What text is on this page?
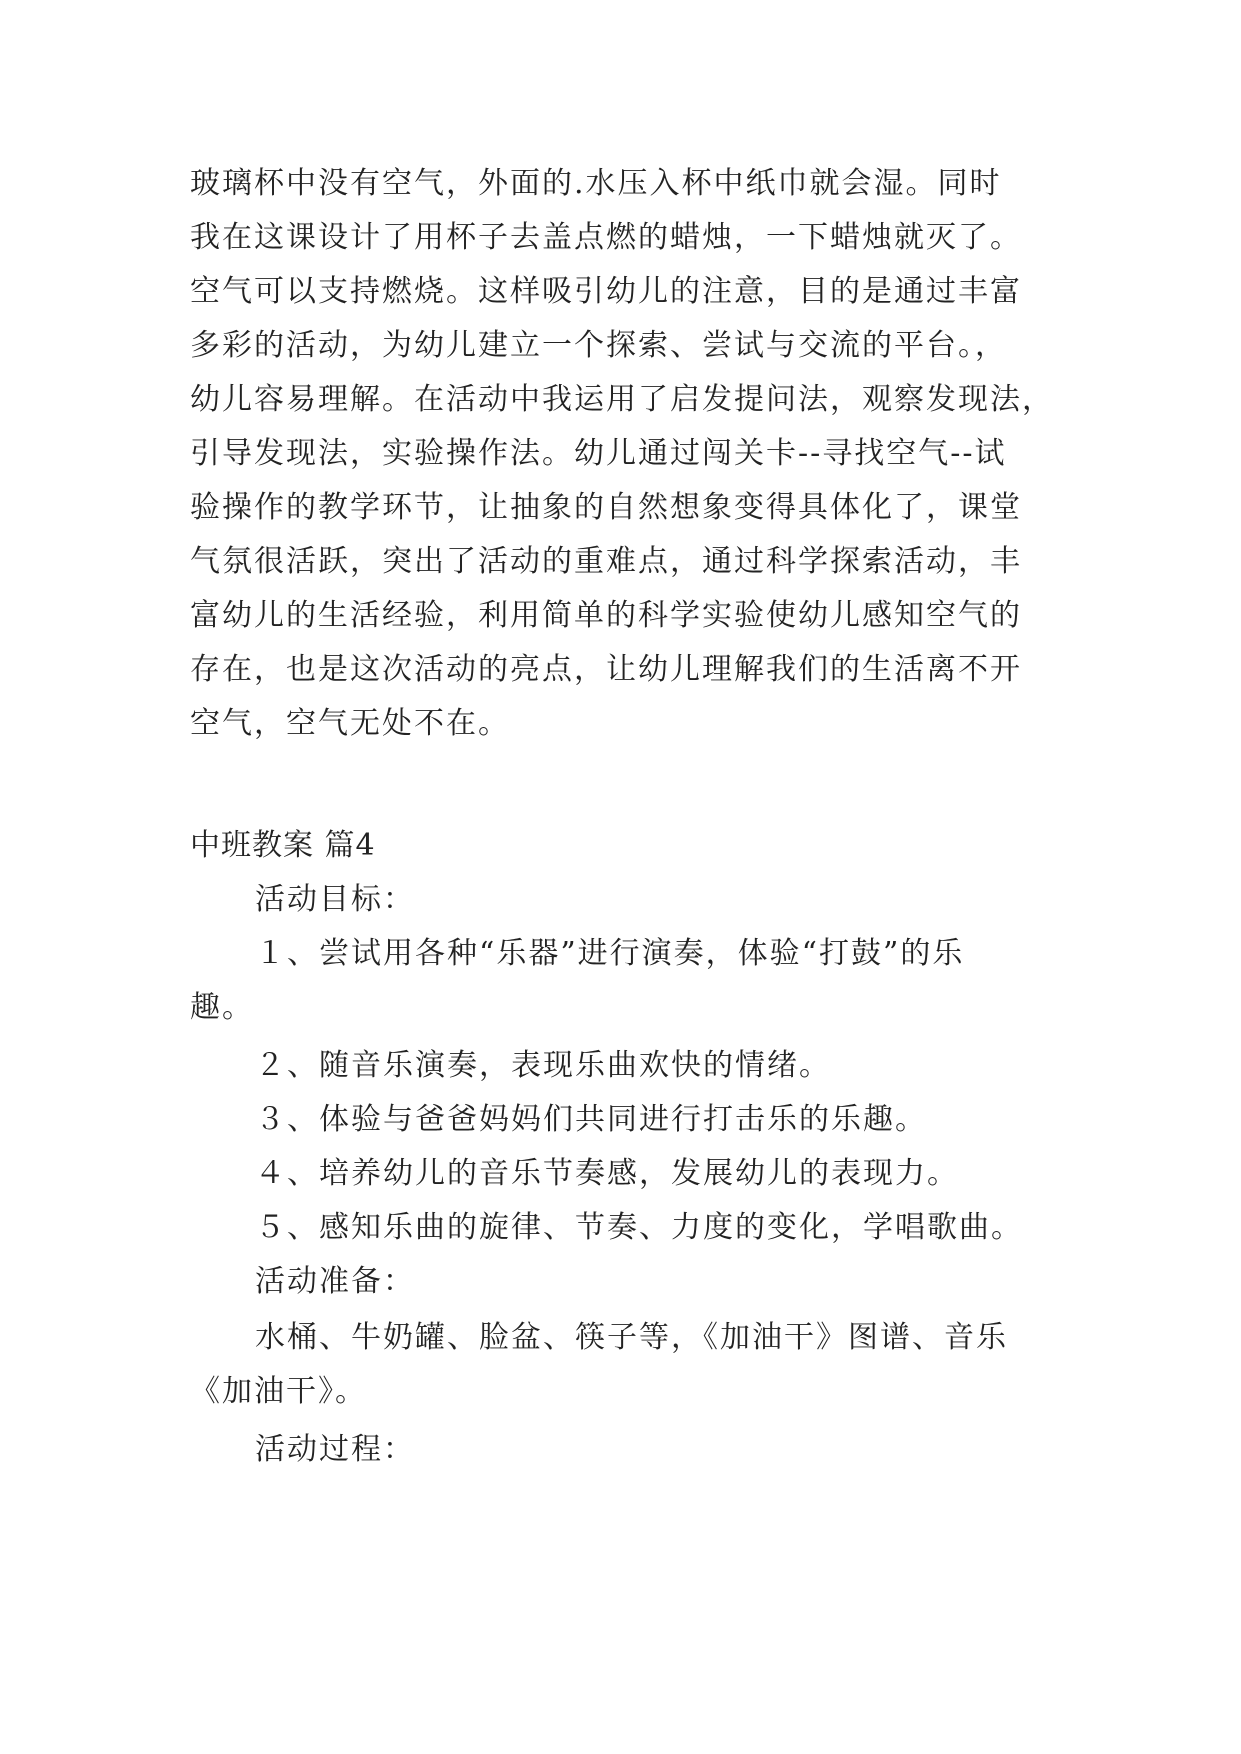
玻璃杯中没有空气，外面的.水压入杯中纸巾就会湿。同时
我在这课设计了用杯子去盖点燃的蜡烛，一下蜡烛就灭了。
空气可以支持燃烧。这样吸引幼儿的注意，目的是通过丰富
多彩的活动，为幼儿建立一个探索、尝试与交流的平台。，
幼儿容易理解。在活动中我运用了启发提问法，观察发现法，
引导发现法，实验操作法。幼儿通过闯关卡--寻找空气--试
验操作的教学环节，让抽象的自然想象变得具体化了，课堂
气氛很活跃，突出了活动的重难点，通过科学探索活动，丰
富幼儿的生活经验，利用简单的科学实验使幼儿感知空气的
存在，也是这次活动的亮点，让幼儿理解我们的生活离不开
空气，空气无处不在。
中班教案 篇4
活动目标：
１、尝试用各种“乐器”进行演奏，体验“打鼓”的乐
趣。
２、随音乐演奏，表现乐曲欢快的情绪。
３、体验与爸爸妈妈们共同进行打击乐的乐趣。
４、培养幼儿的音乐节奏感，发展幼儿的表现力。
５、感知乐曲的旋律、节奏、力度的变化，学唱歌曲。
活动准备：
水桶、牛奶罐、脸盆、筷子等，《加油干》图谱、音乐
《加油干》。
活动过程：
